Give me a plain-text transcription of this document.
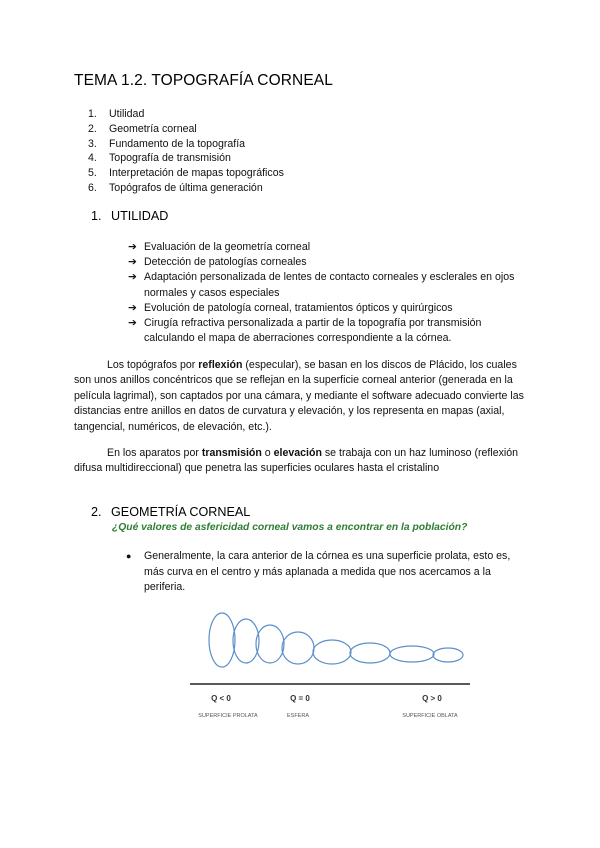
TEMA 1.2. TOPOGRAFÍA CORNEAL
1. Utilidad
2. Geometría corneal
3. Fundamento de la topografía
4. Topografía de transmisión
5. Interpretación de mapas topográficos
6. Topógrafos de última generación
1. UTILIDAD
➔ Evaluación de la geometría corneal
➔ Detección de patologías corneales
➔ Adaptación personalizada de lentes de contacto corneales y esclerales en ojos normales y casos especiales
➔ Evolución de patología corneal, tratamientos ópticos y quirúrgicos
➔ Cirugía refractiva personalizada a partir de la topografía por transmisión calculando el mapa de aberraciones correspondiente a la córnea.

Los topógrafos por reflexión (especular), se basan en los discos de Plácido, los cuales son unos anillos concéntricos que se reflejan en la superficie corneal anterior (generada en la película lagrimal), son captados por una cámara, y mediante el software adecuado convierte las distancias entre anillos en datos de curvatura y elevación, y los representa en mapas (axial, tangencial, numéricos, de elevación, etc.).

En los aparatos por transmisión o elevación se trabaja con un haz luminoso (reflexión difusa multidireccional) que penetra las superficies oculares hasta el cristalino

2. GEOMETRÍA CORNEAL

¿Qué valores de asfericidad corneal vamos a encontrar en la población?

● Generalmente, la cara anterior de la córnea es una superficie prolata, esto es, más curva en el centro y más aplanada a medida que nos acercamos a la periferia.
Q < 0	Q = 0	Q > 0
SUPERFICIE PROLATA	ESFERA	SUPERFICIE OBLATA
